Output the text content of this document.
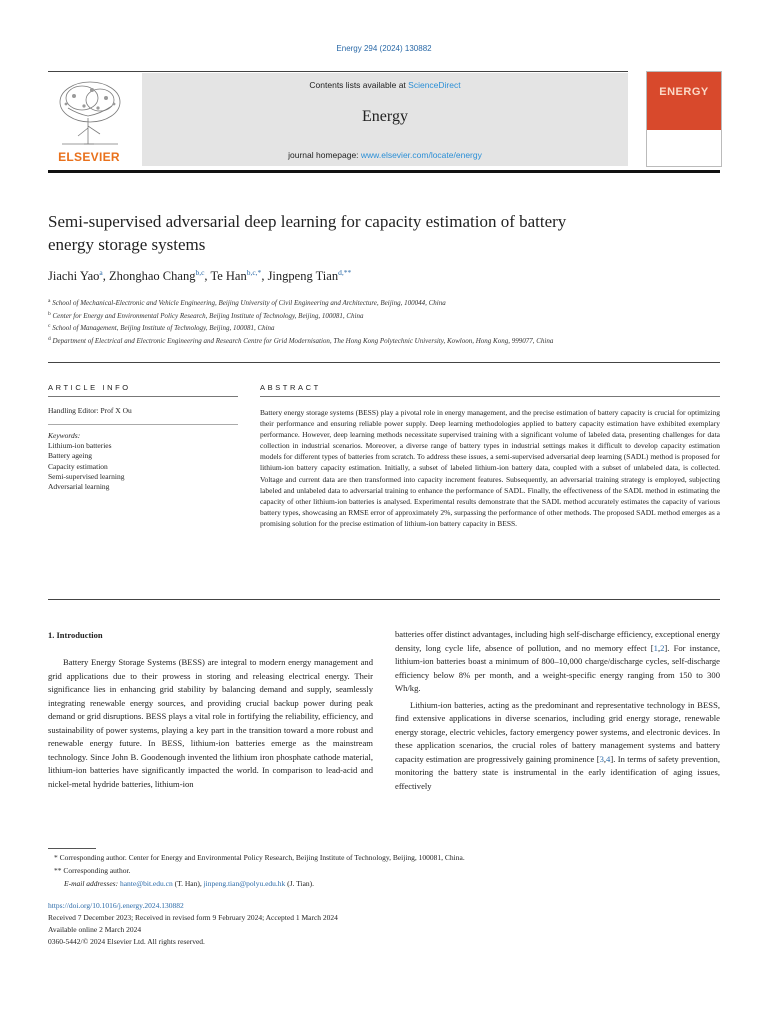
Energy 294 (2024) 130882
ELSEVIER
Contents lists available at ScienceDirect
Energy
journal homepage: www.elsevier.com/locate/energy
ENERGY
Semi-supervised adversarial deep learning for capacity estimation of battery energy storage systems
Jiachi Yao$^a$, Zhonghao Chang$^{b,c}$, Te Han$^{b,c,*}$, Jingpeng Tian$^{d,**}$
$^a$ School of Mechanical-Electronic and Vehicle Engineering, Beijing University of Civil Engineering and Architecture, Beijing, 100044, China
$^b$ Center for Energy and Environmental Policy Research, Beijing Institute of Technology, Beijing, 100081, China
$^c$ School of Management, Beijing Institute of Technology, Beijing, 100081, China
$^d$ Department of Electrical and Electronic Engineering and Research Centre for Grid Modernisation, The Hong Kong Polytechnic University, Kowloon, Hong Kong, 999077, China
ARTICLE INFO
Handling Editor: Prof X Ou
Keywords:
Lithium-ion batteries
Battery ageing
Capacity estimation
Semi-supervised learning
Adversarial learning
ABSTRACT
Battery energy storage systems (BESS) play a pivotal role in energy management, and the precise estimation of battery capacity is crucial for optimizing their performance and ensuring reliable power supply. Deep learning methodologies applied to battery capacity estimation have exhibited exemplary performance. However, deep learning methods necessitate supervised training with a significant volume of labeled data, presenting challenges for data collection in industrial scenarios. Moreover, a diverse range of battery types in industrial settings makes it difficult to develop capacity estimation models for different types of batteries from scratch. To address these issues, a semi-supervised adversarial deep learning (SADL) method is proposed for lithium-ion battery capacity estimation. Initially, a subset of labeled lithium-ion battery data, coupled with a subset of unlabeled data, is collected. Voltage and current data are then transformed into capacity increment features. Subsequently, an adversarial training strategy is employed, subjecting labeled and unlabeled data to adversarial training to enhance the performance of SADL. Finally, the effectiveness of the SADL method in estimating the capacity of other lithium-ion batteries is analysed. Experimental results demonstrate that the SADL method accurately estimates the capacity of various battery types, showcasing an RMSE error of approximately 2%, surpassing the performance of other methods. The proposed SADL method emerges as a promising solution for the precise estimation of lithium-ion battery capacity in BESS.
1. Introduction

Battery Energy Storage Systems (BESS) are integral to modern energy management and grid applications due to their prowess in storing and releasing electrical energy. Their significance lies in enhancing grid stability by balancing demand and supply, seamlessly integrating renewable energy sources, and providing crucial backup power during peak demand or grid disruptions. BESS plays a vital role in fortifying the reliability, efficiency, and sustainability of power systems, playing a key part in the transition toward a more robust and renewable energy future. In BESS, lithium-ion batteries emerge as the mainstream technology. Since John B. Goodenough invented the lithium iron phosphate cathode material, lithium-ion batteries have significantly impacted the world. In comparison to lead-acid and nickel-metal hydride batteries, lithium-ion

batteries offer distinct advantages, including high self-discharge efficiency, exceptional energy density, long cycle life, absence of pollution, and no memory effect [1,2]. For instance, lithium-ion batteries boast a minimum of 800–10,000 charge/discharge cycles, self-discharge efficiency below 8% per month, and a weight-specific energy ranging from 150 to 300 Wh/kg.

Lithium-ion batteries, acting as the predominant and representative technology in BESS, find extensive applications in diverse scenarios, including grid energy storage, renewable energy storage, electric vehicles, factory emergency power systems, and electronic devices. In these application scenarios, the crucial roles of battery management systems and battery capacity estimation are progressively gaining prominence [3,4]. In terms of safety prevention, monitoring the battery state is instrumental in the early identification of aging issues, effectively

* Corresponding author. Center for Energy and Environmental Policy Research, Beijing Institute of Technology, Beijing, 100081, China.
** Corresponding author.
E-mail addresses: hante@bit.edu.cn (T. Han), jinpeng.tian@polyu.edu.hk (J. Tian).
https://doi.org/10.1016/j.energy.2024.130882
Received 7 December 2023; Received in revised form 9 February 2024; Accepted 1 March 2024
Available online 2 March 2024
0360-5442/© 2024 Elsevier Ltd. All rights reserved.
